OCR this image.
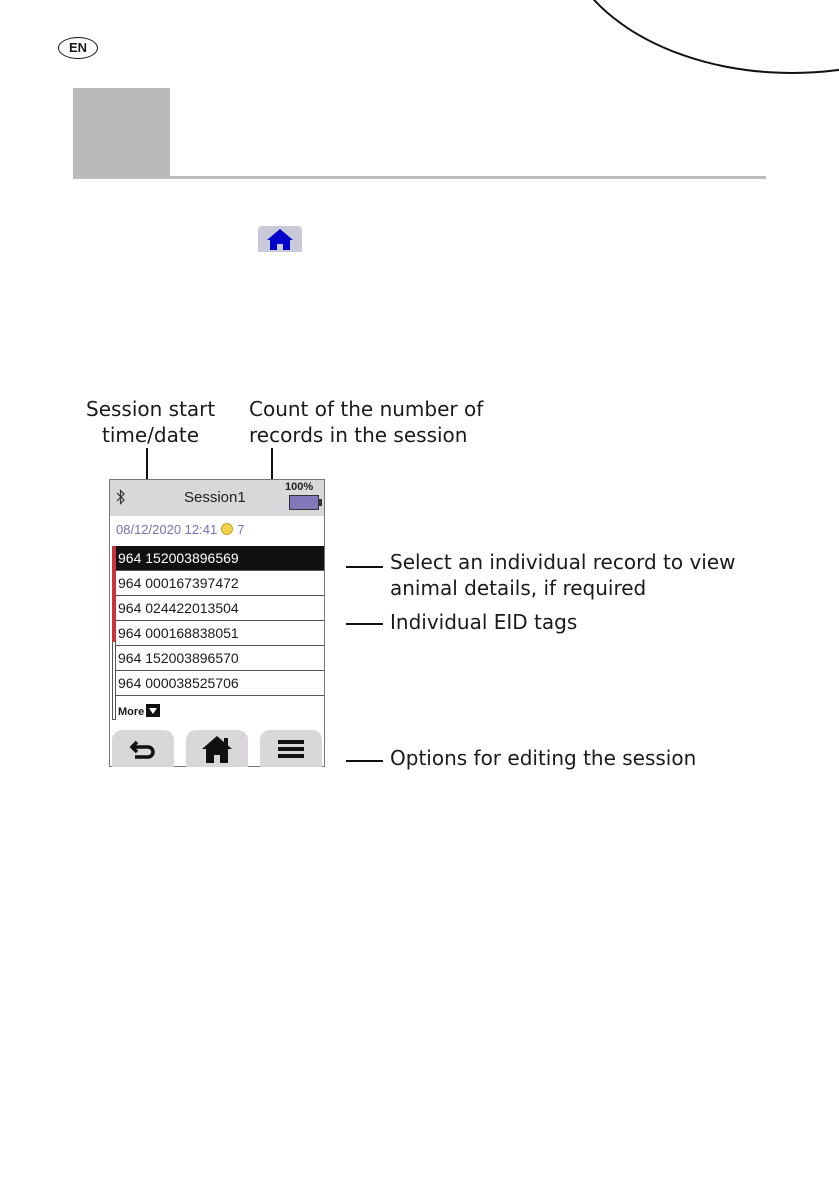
EN
Session start
time/date
Count of the number of
records in the session
Select an individual record to view
animal details, if required
Individual EID tags
Options for editing the session
Session1
100%
08/12/2020 12:41 7
964 152003896569
964 000167397472
964 024422013504
964 000168838051
964 152003896570
964 000038525706
More
